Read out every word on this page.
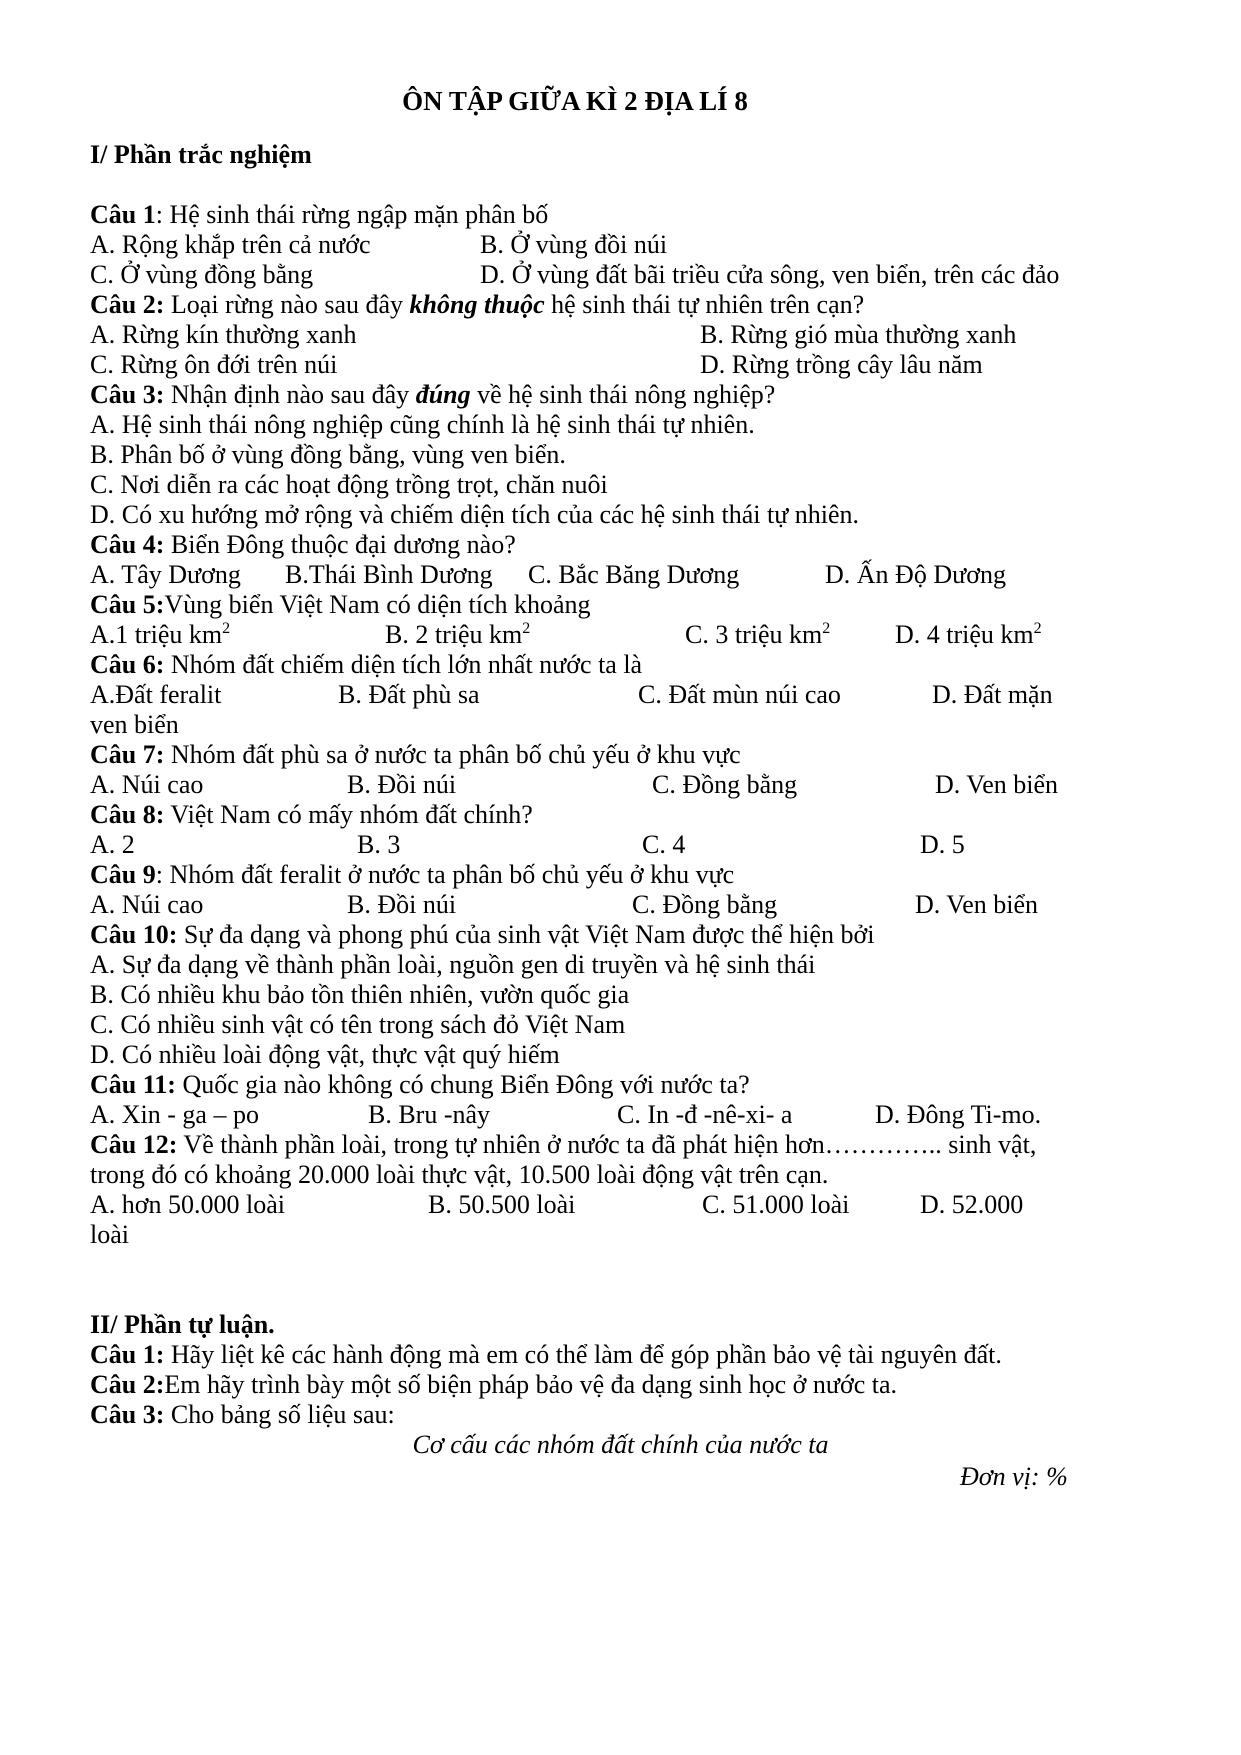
ÔN TẬP GIỮA KÌ 2 ĐỊA LÍ 8
I/ Phần trắc nghiệm
Câu 1: Hệ sinh thái rừng ngập mặn phân bố
A. Rộng khắp trên cả nước	B. Ở vùng đồi núi
C. Ở vùng đồng bằng	D. Ở vùng đất bãi triều cửa sông, ven biển, trên các đảo
Câu 2: Loại rừng nào sau đây không thuộc hệ sinh thái tự nhiên trên cạn?
A. Rừng kín thường xanh	B. Rừng gió mùa thường xanh
C. Rừng ôn đới trên núi	D. Rừng trồng cây lâu năm
Câu 3: Nhận định nào sau đây đúng về hệ sinh thái nông nghiệp?
A. Hệ sinh thái nông nghiệp cũng chính là hệ sinh thái tự nhiên.
B. Phân bố ở vùng đồng bằng, vùng ven biển.
C. Nơi diễn ra các hoạt động trồng trọt, chăn nuôi
D. Có xu hướng mở rộng và chiếm diện tích của các hệ sinh thái tự nhiên.
Câu 4: Biển Đông thuộc đại dương nào?
A. Tây Dương B.Thái Bình Dương C. Bắc Băng Dương	D. Ấn Độ Dương
Câu 5:Vùng biển Việt Nam có diện tích khoảng
A.1 triệu $km^2$	B. 2 triệu $km^2$	C. 3 triệu $km^2$ D. 4 triệu $km^2$
Câu 6: Nhóm đất chiếm diện tích lớn nhất nước ta là
A.Đất feralit	B. Đất phù sa	C. Đất mùn núi cao	D. Đất mặn
ven biển
Câu 7: Nhóm đất phù sa ở nước ta phân bố chủ yếu ở khu vực
A. Núi cao	B. Đồi núi	C. Đồng bằng	D. Ven biển
Câu 8: Việt Nam có mấy nhóm đất chính?
A. 2	B. 3	C. 4	D. 5
Câu 9: Nhóm đất feralit ở nước ta phân bố chủ yếu ở khu vực
A. Núi cao	B. Đồi núi	C. Đồng bằng	D. Ven biển
Câu 10: Sự đa dạng và phong phú của sinh vật Việt Nam được thể hiện bởi
A. Sự đa dạng về thành phần loài, nguồn gen di truyền và hệ sinh thái
B. Có nhiều khu bảo tồn thiên nhiên, vườn quốc gia
C. Có nhiều sinh vật có tên trong sách đỏ Việt Nam
D. Có nhiều loài động vật, thực vật quý hiếm
Câu 11: Quốc gia nào không có chung Biển Đông với nước ta?
A. Xin - ga – po	B. Bru -nây	C. In -đ -nê-xi- a	D. Đông Ti-mo.
Câu 12: Về thành phần loài, trong tự nhiên ở nước ta đã phát hiện hơn………….. sinh vật,
trong đó có khoảng 20.000 loài thực vật, 10.500 loài động vật trên cạn.
A. hơn 50.000 loài	B. 50.500 loài	C. 51.000 loài	D. 52.000
loài
II/ Phần tự luận.
Câu 1: Hãy liệt kê các hành động mà em có thể làm để góp phần bảo vệ tài nguyên đất.
Câu 2:Em hãy trình bày một số biện pháp bảo vệ đa dạng sinh học ở nước ta.
Câu 3: Cho bảng số liệu sau:
Cơ cấu các nhóm đất chính của nước ta
Đơn vị: %
